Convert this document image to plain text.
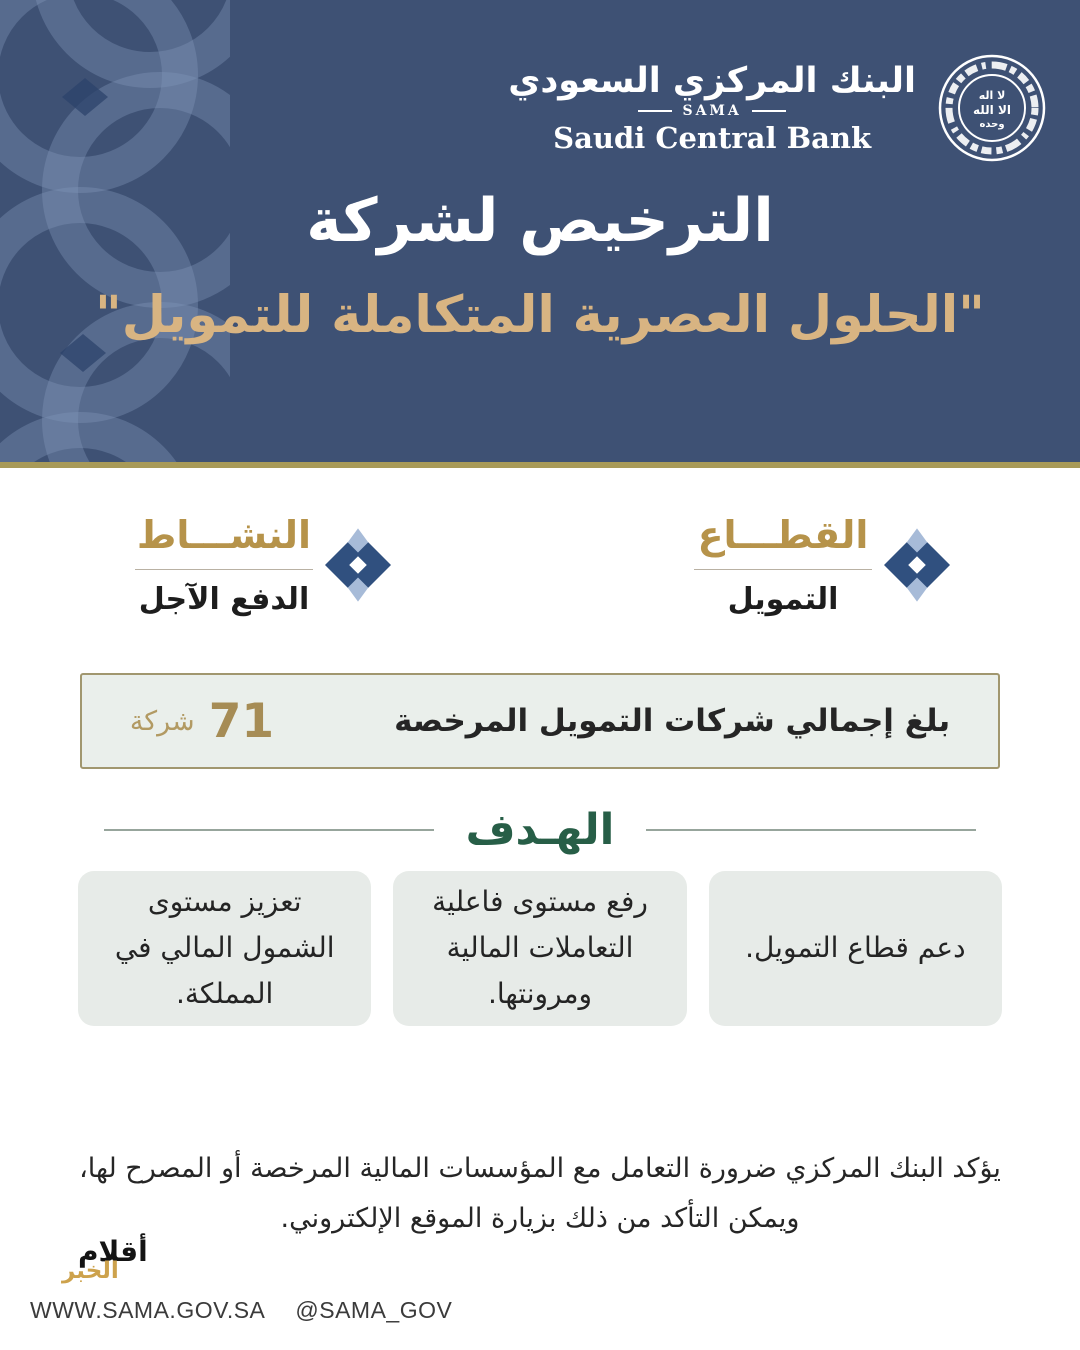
البنك المركزي السعودي
SAMA
Saudi Central Bank
لا اله
الا الله
وحده
الترخيص لشركة
"الحلول العصرية المتكاملة للتمويل"
القطـــاع
التمويل
النشـــاط
الدفع الآجل
بلغ إجمالي شركات التمويل المرخصة
71
شركة
الهـدف
دعم قطاع التمويل.
رفع مستوى فاعلية التعاملات المالية ومرونتها.
تعزيز مستوى الشمول المالي في المملكة.
يؤكد البنك المركزي ضرورة التعامل مع المؤسسات المالية المرخصة أو المصرح لها،
ويمكن التأكد من ذلك بزيارة الموقع الإلكتروني.
أقلام
الخبر
WWW.SAMA.GOV.SA @SAMA_GOV
